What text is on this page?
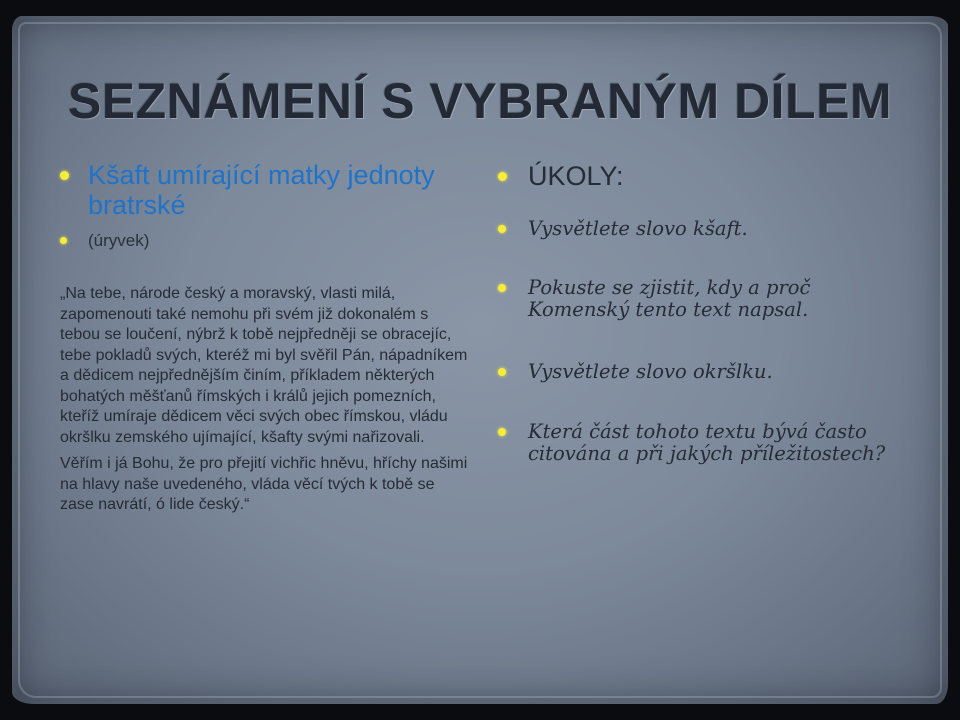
SEZNÁMENÍ S VYBRANÝM DÍLEM
Kšaft umírající matky jednoty bratrské
(úryvek)

„Na tebe, národe český a moravský, vlasti milá, zapomenouti také nemohu při svém již dokonalém s tebou se loučení, nýbrž k tobě nejpředněji se obracejíc, tebe pokladů svých, kteréž mi byl svěřil Pán, nápadníkem a dědicem nejpřednějším činím, příkladem některých bohatých měšťanů římských i králů jejich pomezních, kteříž umíraje dědicem věci svých obec římskou, vládu okršlku zemského ujímající, kšafty svými nařizovali.

Věřím i já Bohu, že pro přejití vichřic hněvu, hříchy našimi na hlavy naše uvedeného, vláda věcí tvých k tobě se zase navrátí, ó lide český.“

ÚKOLY:
Vysvětlete slovo kšaft.
Pokuste se zjistit, kdy a proč Komenský tento text napsal.
Vysvětlete slovo okršlku.
Která část tohoto textu bývá často citována a při jakých příležitostech?
